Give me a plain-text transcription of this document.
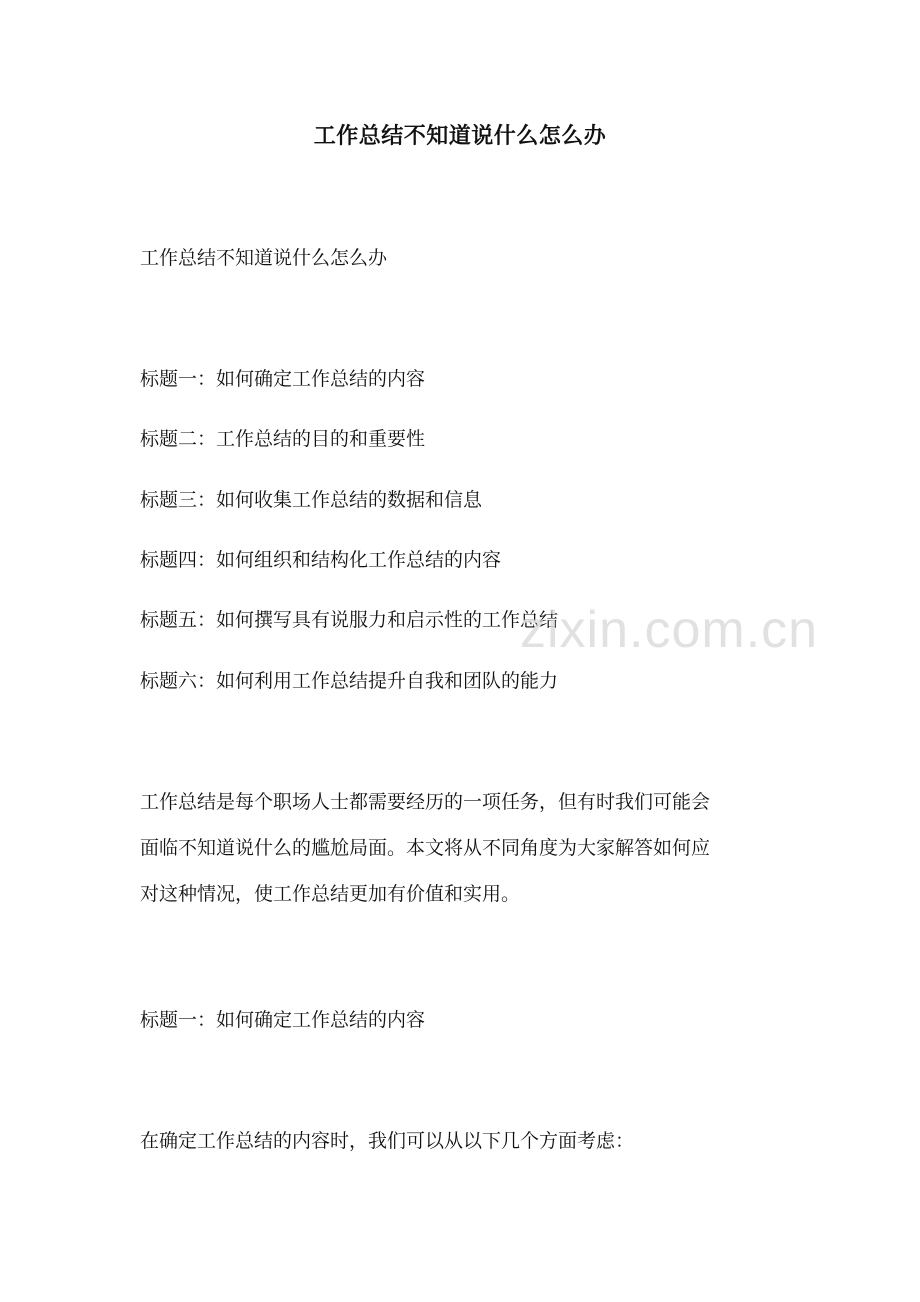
工作总结不知道说什么怎么办
工作总结不知道说什么怎么办
标题一：如何确定工作总结的内容
标题二：工作总结的目的和重要性
标题三：如何收集工作总结的数据和信息
标题四：如何组织和结构化工作总结的内容
标题五：如何撰写具有说服力和启示性的工作总结
标题六：如何利用工作总结提升自我和团队的能力
工作总结是每个职场人士都需要经历的一项任务，但有时我们可能会
面临不知道说什么的尴尬局面。本文将从不同角度为大家解答如何应
对这种情况，使工作总结更加有价值和实用。
标题一：如何确定工作总结的内容
在确定工作总结的内容时，我们可以从以下几个方面考虑：
zixin.com.cn
